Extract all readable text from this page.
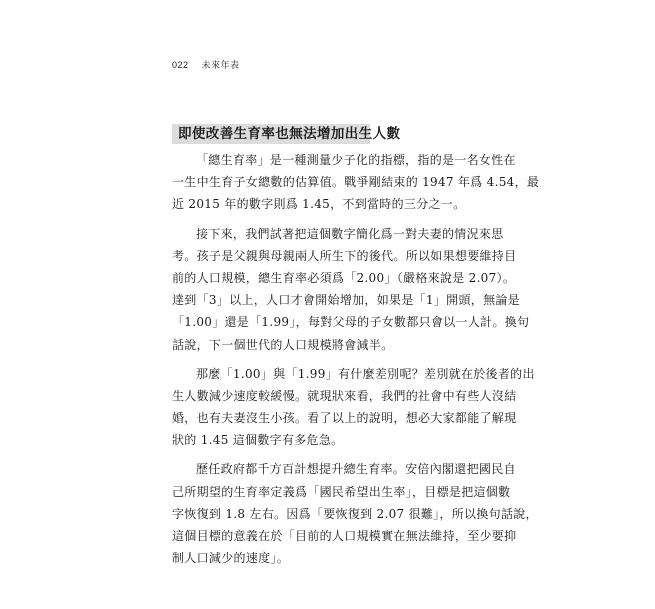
022 未來年表
即使改善生育率也無法增加出生人數
「總生育率」是一種測量少子化的指標，指的是一名女性在
一生中生育子女總數的估算值。戰爭剛結束的 1947 年爲 4.54，最
近 2015 年的數字則爲 1.45，不到當時的三分之一。
接下來，我們試著把這個數字簡化爲一對夫妻的情況來思
考。孩子是父親與母親兩人所生下的後代。所以如果想要維持目
前的人口規模，總生育率必須爲「2.00」（嚴格來說是 2.07）。
達到「3」以上，人口才會開始增加，如果是「1」開頭，無論是
「1.00」還是「1.99」，每對父母的子女數都只會以一人計。換句
話說，下一個世代的人口規模將會減半。
那麼「1.00」與「1.99」有什麼差別呢？差別就在於後者的出
生人數減少速度較緩慢。就現狀來看，我們的社會中有些人沒結
婚，也有夫妻沒生小孩。看了以上的說明，想必大家都能了解現
狀的 1.45 這個數字有多危急。
歷任政府都千方百計想提升總生育率。安倍內閣還把國民自
己所期望的生育率定義爲「國民希望出生率」，目標是把這個數
字恢復到 1.8 左右。因爲「要恢復到 2.07 很難」，所以換句話說，
這個目標的意義在於「目前的人口規模實在無法維持，至少要抑
制人口減少的速度」。
